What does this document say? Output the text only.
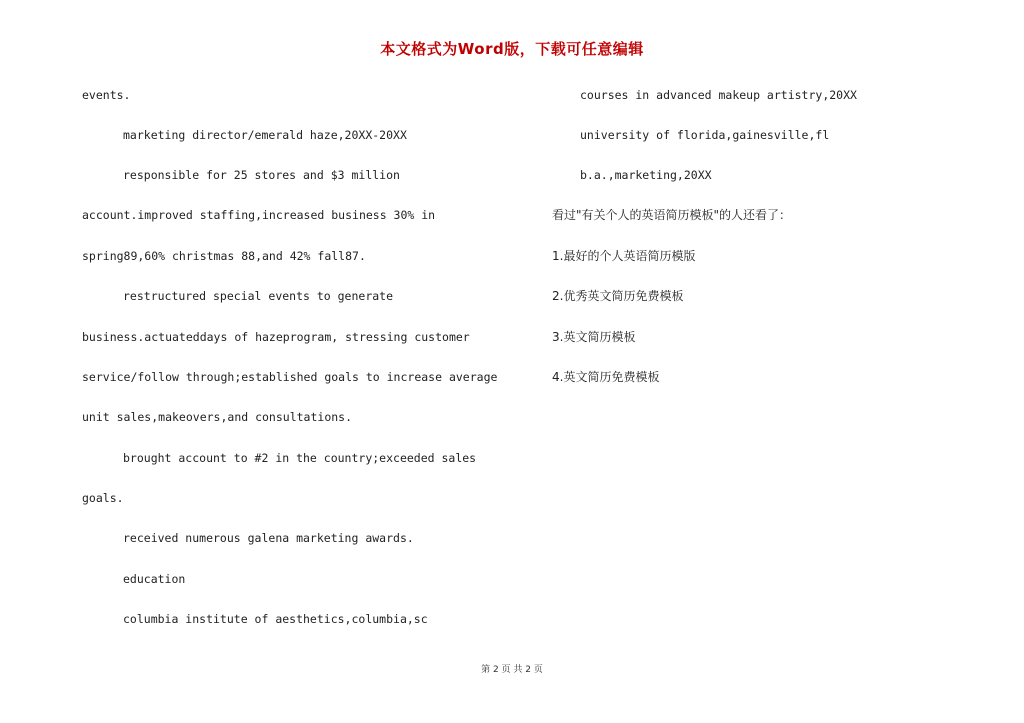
本文格式为Word版，下载可任意编辑
events.
marketing director/emerald haze,20XX-20XX
responsible for 25 stores and $3 million
account.improved staffing,increased business 30% in
spring89,60% christmas 88,and 42% fall87.
restructured special events to generate
business.actuateddays of hazeprogram, stressing customer
service/follow through;established goals to increase average
unit sales,makeovers,and consultations.
brought account to #2 in the country;exceeded sales
goals.
received numerous galena marketing awards.
education
columbia institute of aesthetics,columbia,sc
courses in advanced makeup artistry,20XX
university of florida,gainesville,fl
b.a.,marketing,20XX
看过"有关个人的英语简历模板"的人还看了：
1.最好的个人英语简历模版
2.优秀英文简历免费模板
3.英文简历模板
4.英文简历免费模板
第 2 页 共 2 页
